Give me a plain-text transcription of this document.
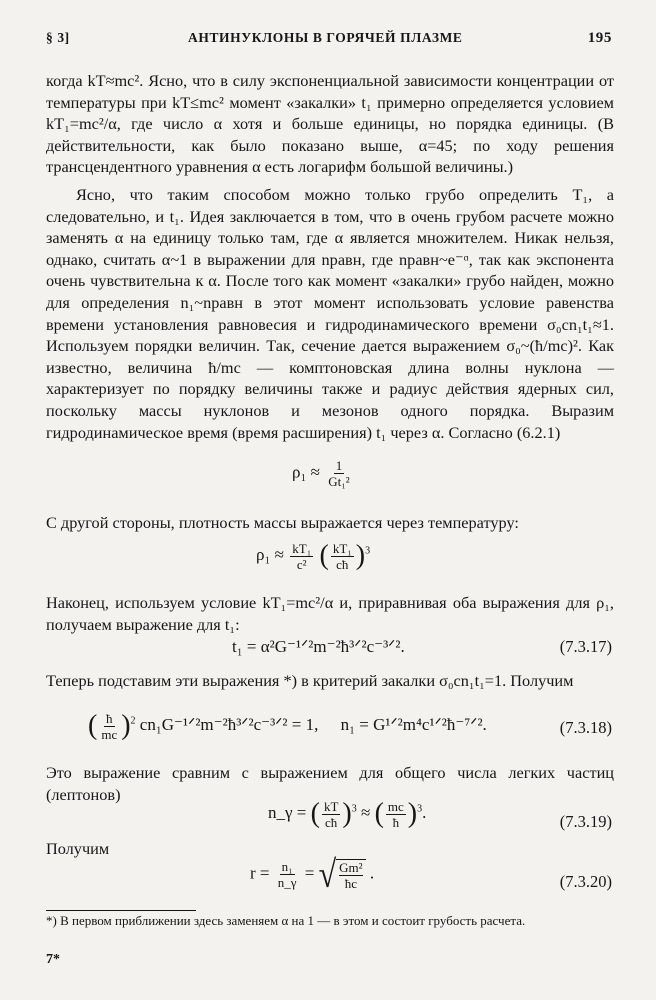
§ 3]	АНТИНУКЛОНЫ В ГОРЯЧЕЙ ПЛАЗМЕ	195
когда kT≈mc². Ясно, что в силу экспоненциальной зависимости концентрации от температуры при kT≤mc² момент «закалки» t₁ примерно определяется условием kT₁=mc²/α, где число α хотя и больше единицы, но порядка единицы. (В действительности, как было показано выше, α=45; по ходу решения трансцендентного уравнения α есть логарифм большой величины.)
Ясно, что таким способом можно только грубо определить T₁, а следовательно, и t₁. Идея заключается в том, что в очень грубом расчете можно заменять α на единицу только там, где α является множителем. Никак нельзя, однако, считать α~1 в выражении для nравн, где nравн~e⁻ᵅ, так как экспонента очень чувствительна к α. После того как момент «закалки» грубо найден, можно для определения n₁~nравн в этот момент использовать условие равенства времени установления равновесия и гидродинамического времени σ₀cn₁t₁≈1. Используем порядки величин. Так, сечение дается выражением σ₀~(ħ/mc)². Как известно, величина ħ/mc — комптоновская длина волны нуклона — характеризует по порядку величины также и радиус действия ядерных сил, поскольку массы нуклонов и мезонов одного порядка. Выразим гидродинамическое время (время расширения) t₁ через α. Согласно (6.2.1)
$\rho_1 \approx \frac{1}{\text{Gt₁²}}$
С другой стороны, плотность массы выражается через температуру:
$\rho_1 \approx \frac{\text{kT₁}}{\text{c²}}$ ( $\frac{\text{kT₁}}{cħ} )^3$
Наконец, используем условие kT₁=mc²/α и, приравнивая оба выражения для ρ₁, получаем выражение для t₁:
t₁ = α²G⁻¹ᐟ²m⁻²ħ³ᐟ²c⁻³ᐟ².	(7.3.17)
Теперь подставим эти выражения *) в критерий закалки σ₀cn₁t₁=1. Получим
( $\frac{ħ}{mc} )^2$ cn₁G⁻¹ᐟ²m⁻²ħ³ᐟ²c⁻³ᐟ² = 1, n₁ = G¹ᐟ²m⁴c¹ᐟ²ħ⁻⁷ᐟ².	(7.3.18)
Это выражение сравним с выражением для общего числа легких частиц (лептонов)
n_γ = ( $\frac{kT}{cħ} )^3$ ≈ ( $\frac{mc}{ħ} )^3$.	(7.3.19)
Получим
$r = \frac{\text{n₁}}{n\_\gamma}$ = √ $\frac{\text{Gm²}}{ħc}$ .	(7.3.20)
*) В первом приближении здесь заменяем α на 1 — в этом и состоит грубость расчета.
7*
